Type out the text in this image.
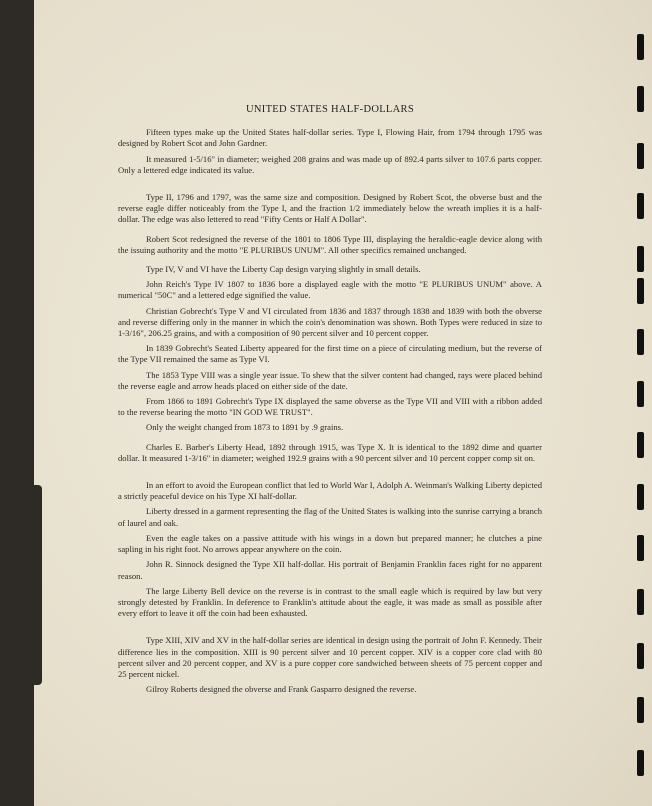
UNITED STATES HALF-DOLLARS

Fifteen types make up the United States half-dollar series. Type I, Flowing Hair, from 1794 through 1795 was designed by Robert Scot and John Gardner.

It measured 1-5/16" in diameter; weighed 208 grains and was made up of 892.4 parts silver to 107.6 parts copper. Only a lettered edge indicated its value.

Type II, 1796 and 1797, was the same size and composition. Designed by Robert Scot, the obverse bust and the reverse eagle differ noticeably from the Type I, and the fraction 1/2 immediately below the wreath implies it is a half-dollar. The edge was also lettered to read "Fifty Cents or Half A Dollar".

Robert Scot redesigned the reverse of the 1801 to 1806 Type III, displaying the heraldic-eagle device along with the issuing authority and the motto "E PLURIBUS UNUM". All other specifics remained unchanged.

Type IV, V and VI have the Liberty Cap design varying slightly in small details.

John Reich's Type IV 1807 to 1836 bore a displayed eagle with the motto "E PLURIBUS UNUM" above. A numerical "50C" and a lettered edge signified the value.

Christian Gobrecht's Type V and VI circulated from 1836 and 1837 through 1838 and 1839 with both the obverse and reverse differing only in the manner in which the coin's denomination was shown. Both Types were reduced in size to 1-3/16", 206.25 grains, and with a composition of 90 percent silver and 10 percent copper.

In 1839 Gobrecht's Seated Liberty appeared for the first time on a piece of circulating medium, but the reverse of the Type VII remained the same as Type VI.

The 1853 Type VIII was a single year issue. To shew that the silver content had changed, rays were placed behind the reverse eagle and arrow heads placed on either side of the date.

From 1866 to 1891 Gobrecht's Type IX displayed the same obverse as the Type VII and VIII with a ribbon added to the reverse bearing the motto "IN GOD WE TRUST".

Only the weight changed from 1873 to 1891 by .9 grains.

Charles E. Barber's Liberty Head, 1892 through 1915, was Type X. It is identical to the 1892 dime and quarter dollar. It measured 1-3/16" in diameter; weighed 192.9 grains with a 90 percent silver and 10 percent copper comp sit on.

In an effort to avoid the European conflict that led to World War I, Adolph A. Weinman's Walking Liberty depicted a strictly peaceful device on his Type XI half-dollar.

Liberty dressed in a garment representing the flag of the United States is walking into the sunrise carrying a branch of laurel and oak.

Even the eagle takes on a passive attitude with his wings in a down but prepared manner; he clutches a pine sapling in his right foot. No arrows appear anywhere on the coin.

John R. Sinnock designed the Type XII half-dollar. His portrait of Benjamin Franklin faces right for no apparent reason.

The large Liberty Bell device on the reverse is in contrast to the small eagle which is required by law but very strongly detested by Franklin. In deference to Franklin's attitude about the eagle, it was made as small as possible after every effort to leave it off the coin had been exhausted.

Type XIII, XIV and XV in the half-dollar series are identical in design using the portrait of John F. Kennedy. Their difference lies in the composition. XIII is 90 percent silver and 10 percent copper. XIV is a copper core clad with 80 percent silver and 20 percent copper, and XV is a pure copper core sandwiched between sheets of 75 percent copper and 25 percent nickel.

Gilroy Roberts designed the obverse and Frank Gasparro designed the reverse.
